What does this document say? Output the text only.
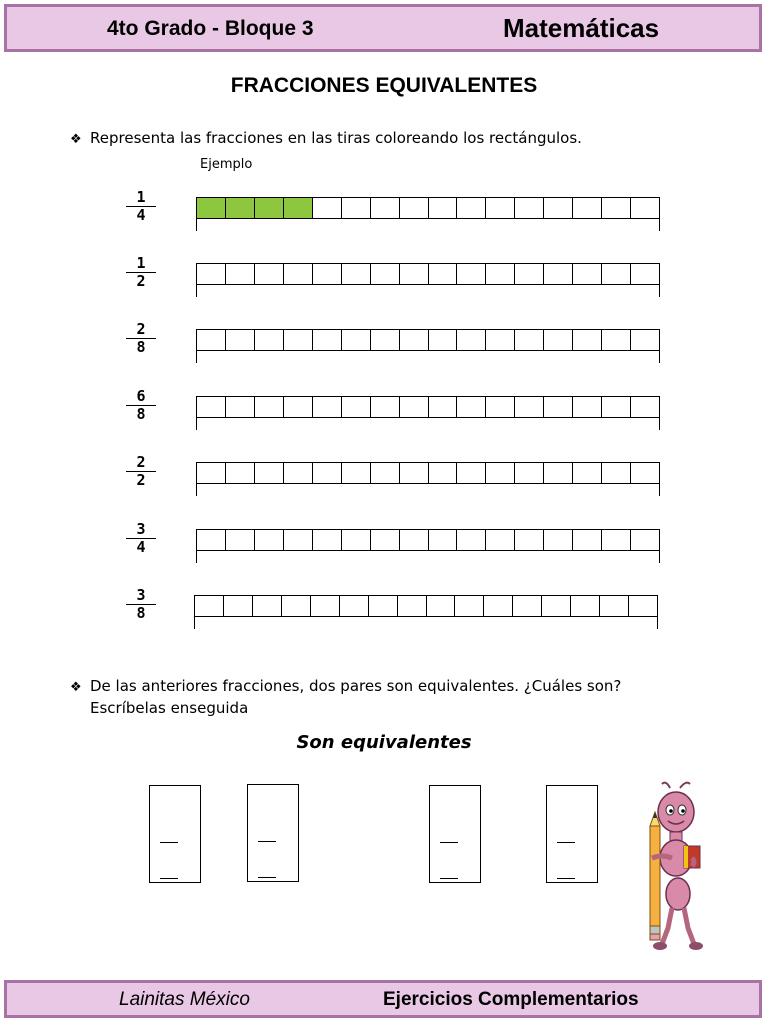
4to Grado - Bloque 3	Matemáticas
FRACCIONES EQUIVALENTES
❖ Representa las fracciones en las tiras coloreando los rectángulos.
Ejemplo
$\frac{1}{4}$
$\frac{1}{2}$
$\frac{2}{8}$
$\frac{6}{8}$
$\frac{2}{2}$
$\frac{3}{4}$
$\frac{3}{8}$
❖ De las anteriores fracciones, dos pares son equivalentes. ¿Cuáles son?
Escríbelas enseguida
Son equivalentes
Lainitas México	Ejercicios Complementarios
